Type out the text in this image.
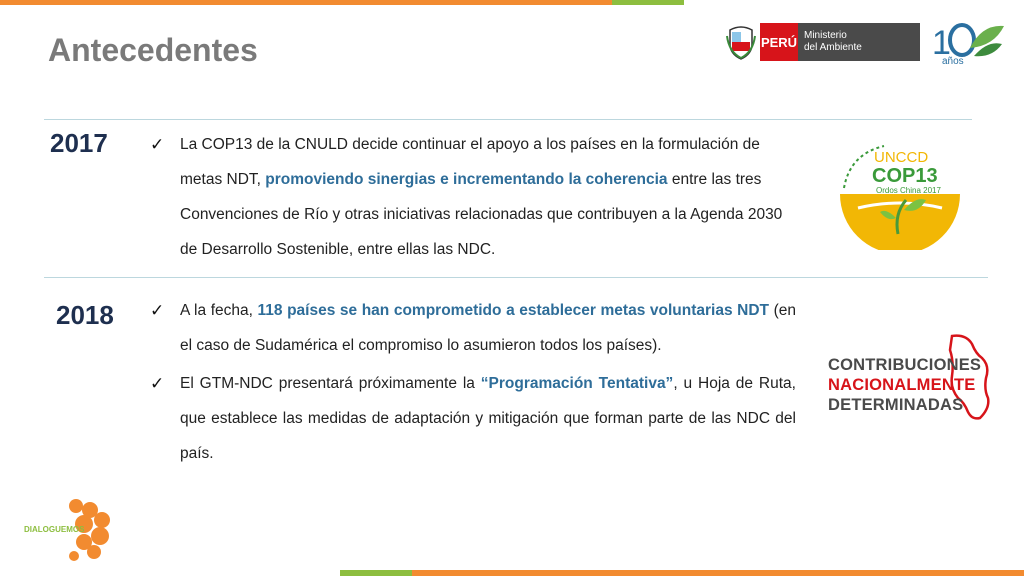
Antecedentes	PERÚ Ministerio
del Ambiente	1
años
2017
2018
✓ La COP13 de la CNULD decide continuar el apoyo a los países en la formulación de metas NDT, promoviendo sinergias e incrementando la coherencia entre las tres Convenciones de Río y otras iniciativas relacionadas que contribuyen a la Agenda 2030 de Desarrollo Sostenible, entre ellas las NDC.
✓ A la fecha, 118 países se han comprometido a establecer metas voluntarias NDT (en el caso de Sudamérica el compromiso lo asumieron todos los países).
✓ El GTM-NDC presentará próximamente la “Programación Tentativa”, u Hoja de Ruta, que establece las medidas de adaptación y mitigación que forman parte de las NDC del país.
UNCCD
COP13
Ordos China 2017
CONTRIBUCIONES
NACIONALMENTE
DETERMINADAS
DIALOGUEMOS
